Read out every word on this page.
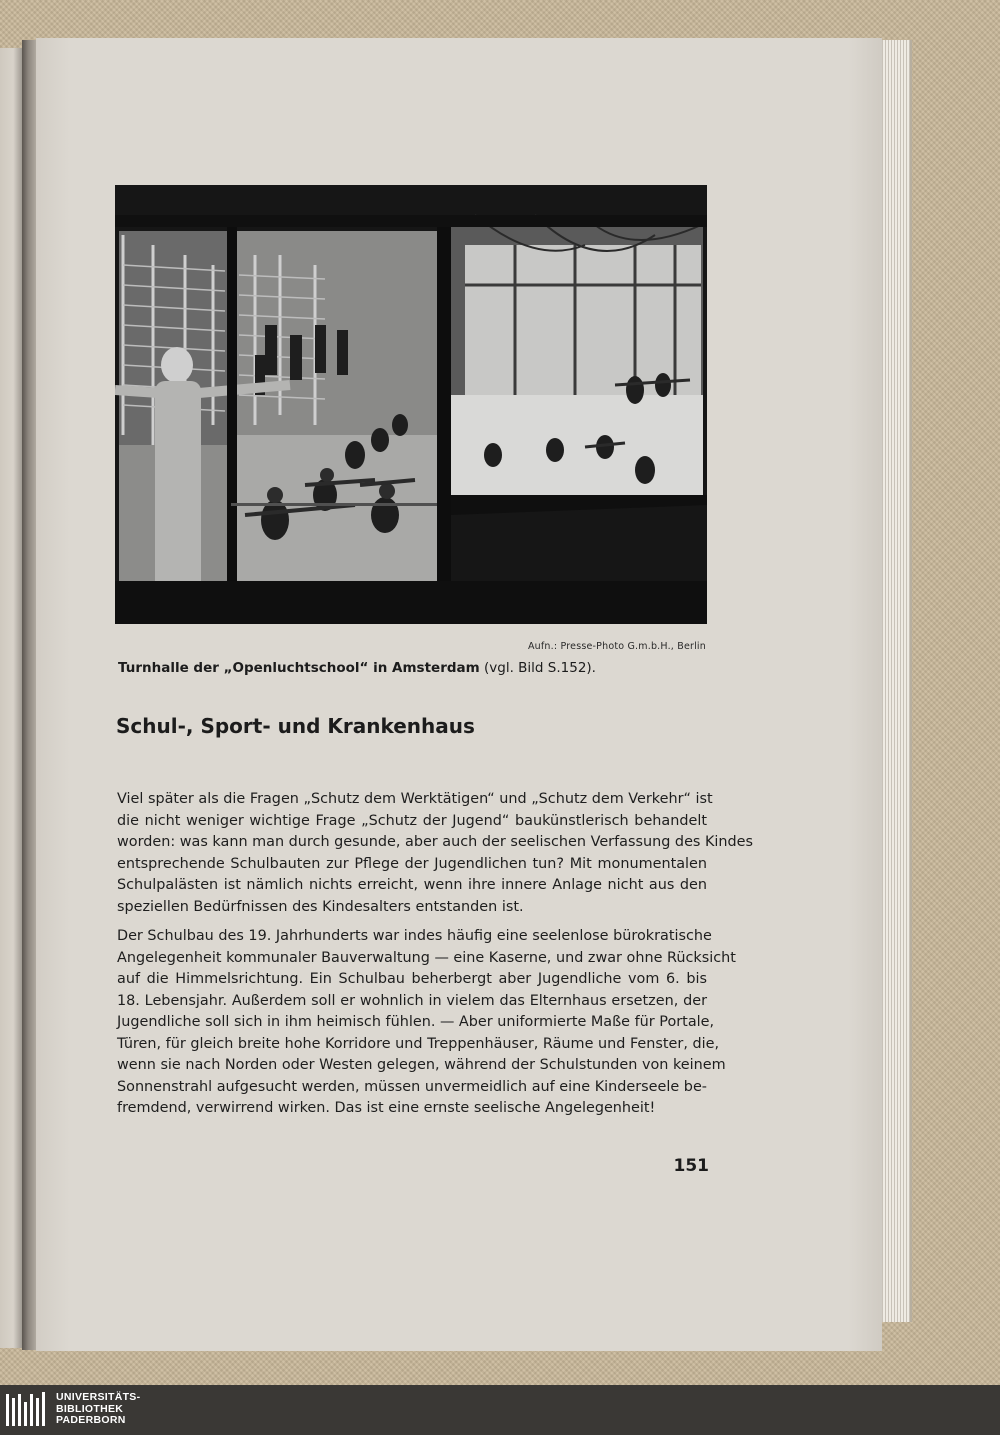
Aufn.: Presse-Photo G.m.b.H., Berlin
Turnhalle der „Openluchtschool“ in Amsterdam (vgl. Bild S.152).
Schul-, Sport- und Krankenhaus
Viel später als die Fragen „Schutz dem Werktätigen“ und „Schutz dem Verkehr“ ist
die nicht weniger wichtige Frage „Schutz der Jugend“ baukünstlerisch behandelt
worden: was kann man durch gesunde, aber auch der seelischen Verfassung des Kindes
entsprechende Schulbauten zur Pflege der Jugendlichen tun? Mit monumentalen
Schulpalästen ist nämlich nichts erreicht, wenn ihre innere Anlage nicht aus den
speziellen Bedürfnissen des Kindesalters entstanden ist.
Der Schulbau des 19. Jahrhunderts war indes häufig eine seelenlose bürokratische
Angelegenheit kommunaler Bauverwaltung — eine Kaserne, und zwar ohne Rücksicht
auf die Himmelsrichtung. Ein Schulbau beherbergt aber Jugendliche vom 6. bis
18. Lebensjahr. Außerdem soll er wohnlich in vielem das Elternhaus ersetzen, der
Jugendliche soll sich in ihm heimisch fühlen. — Aber uniformierte Maße für Portale,
Türen, für gleich breite hohe Korridore und Treppenhäuser, Räume und Fenster, die,
wenn sie nach Norden oder Westen gelegen, während der Schulstunden von keinem
Sonnenstrahl aufgesucht werden, müssen unvermeidlich auf eine Kinderseele be-
fremdend, verwirrend wirken. Das ist eine ernste seelische Angelegenheit!
151
UNIVERSITÄTS-
BIBLIOTHEK
PADERBORN
